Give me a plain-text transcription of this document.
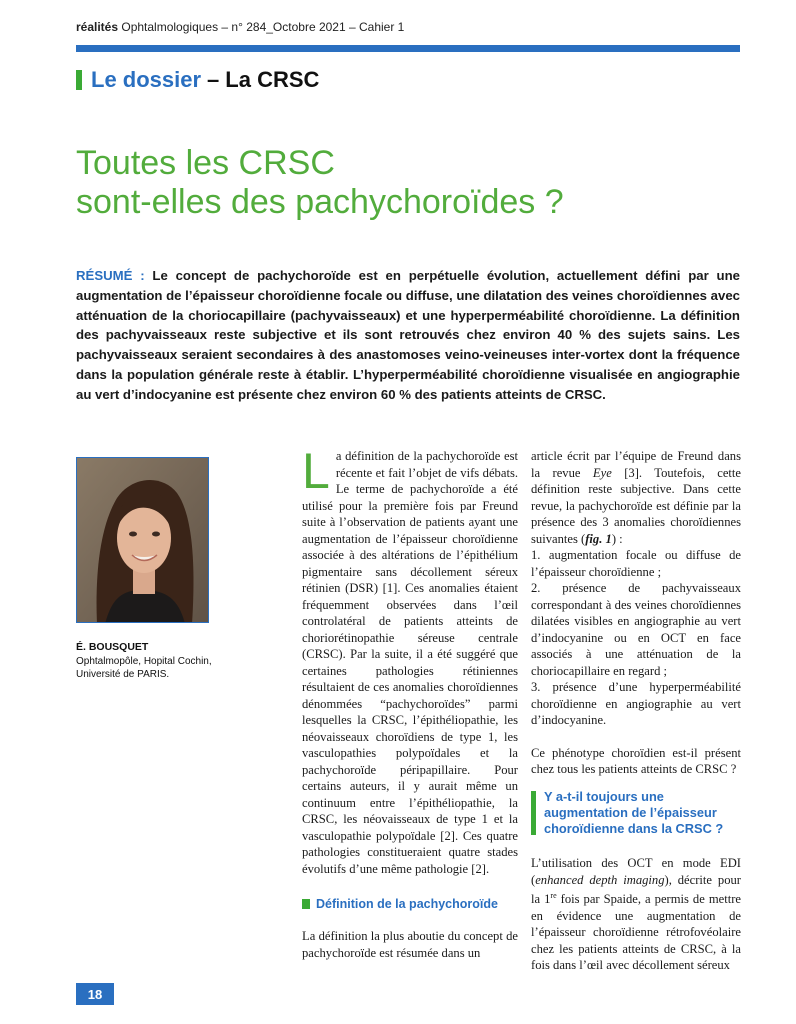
réalités Ophtalmologiques – n° 284_Octobre 2021 – Cahier 1
Le dossier – La CRSC
Toutes les CRSC
sont-elles des pachychoroïdes ?

RÉSUMÉ : Le concept de pachychoroïde est en perpétuelle évolution, actuellement défini par une augmentation de l’épaisseur choroïdienne focale ou diffuse, une dilatation des veines choroïdiennes avec atténuation de la choriocapillaire (pachyvaisseaux) et une hyperperméabilité choroïdienne. La définition des pachyvaisseaux reste subjective et ils sont retrouvés chez environ 40 % des sujets sains. Les pachyvaisseaux seraient secondaires à des anastomoses veino-veineuses inter-vortex dont la fréquence dans la population générale reste à établir. L’hyperperméabilité choroïdienne visualisée en angiographie au vert d’indocyanine est présente chez environ 60 % des patients atteints de CRSC.

É. BOUSQUET
Ophtalmopôle, Hopital Cochin,
Université de PARIS.
L a définition de la pachychoroïde est récente et fait l’objet de vifs débats. Le terme de pachychoroïde a été utilisé pour la première fois par Freund suite à l’observation de patients ayant une augmentation de l’épaisseur choroïdienne associée à des altérations de l’épithélium pigmentaire sans décollement séreux rétinien (DSR) [1]. Ces anomalies étaient fréquemment observées dans l’œil controlatéral de patients atteints de choriorétinopathie séreuse centrale (CRSC). Par la suite, il a été suggéré que certaines pathologies rétiniennes résultaient de ces anomalies choroïdiennes dénommées “pachychoroïdes” parmi lesquelles la CRSC, l’épithéliopathie, les néovaisseaux choroïdiens de type 1, les vasculopathies polypoïdales et la pachychoroïde péripapillaire. Pour certains auteurs, il y aurait même un continuum entre l’épithéliopathie, la CRSC, les néovaisseaux de type 1 et la vasculopathie polypoïdale [2]. Ces quatre pathologies constitueraient quatre stades évolutifs d’une même pathologie [2].

Définition de la pachychoroïde

La définition la plus aboutie du concept de pachychoroïde est résumée dans un

article écrit par l’équipe de Freund dans la revue Eye [3]. Toutefois, cette définition reste subjective. Dans cette revue, la pachychoroïde est définie par la présence des 3 anomalies choroïdiennes suivantes (fig. 1) :

1. augmentation focale ou diffuse de l’épaisseur choroïdienne ;

2. présence de pachyvaisseaux correspondant à des veines choroïdiennes dilatées visibles en angiographie au vert d’indocyanine ou en OCT en face associés à une atténuation de la choriocapillaire en regard ;

3. présence d’une hyperperméabilité choroïdienne en angiographie au vert d’indocyanine.

Ce phénotype choroïdien est-il présent chez tous les patients atteints de CRSC ?

Y a-t-il toujours une augmentation de l’épaisseur choroïdienne dans la CRSC ?

L’utilisation des OCT en mode EDI (enhanced depth imaging), décrite pour la 1re fois par Spaide, a permis de mettre en évidence une augmentation de l’épaisseur choroïdienne rétrofovéolaire chez les patients atteints de CRSC, à la fois dans l’œil avec décollement séreux

18
